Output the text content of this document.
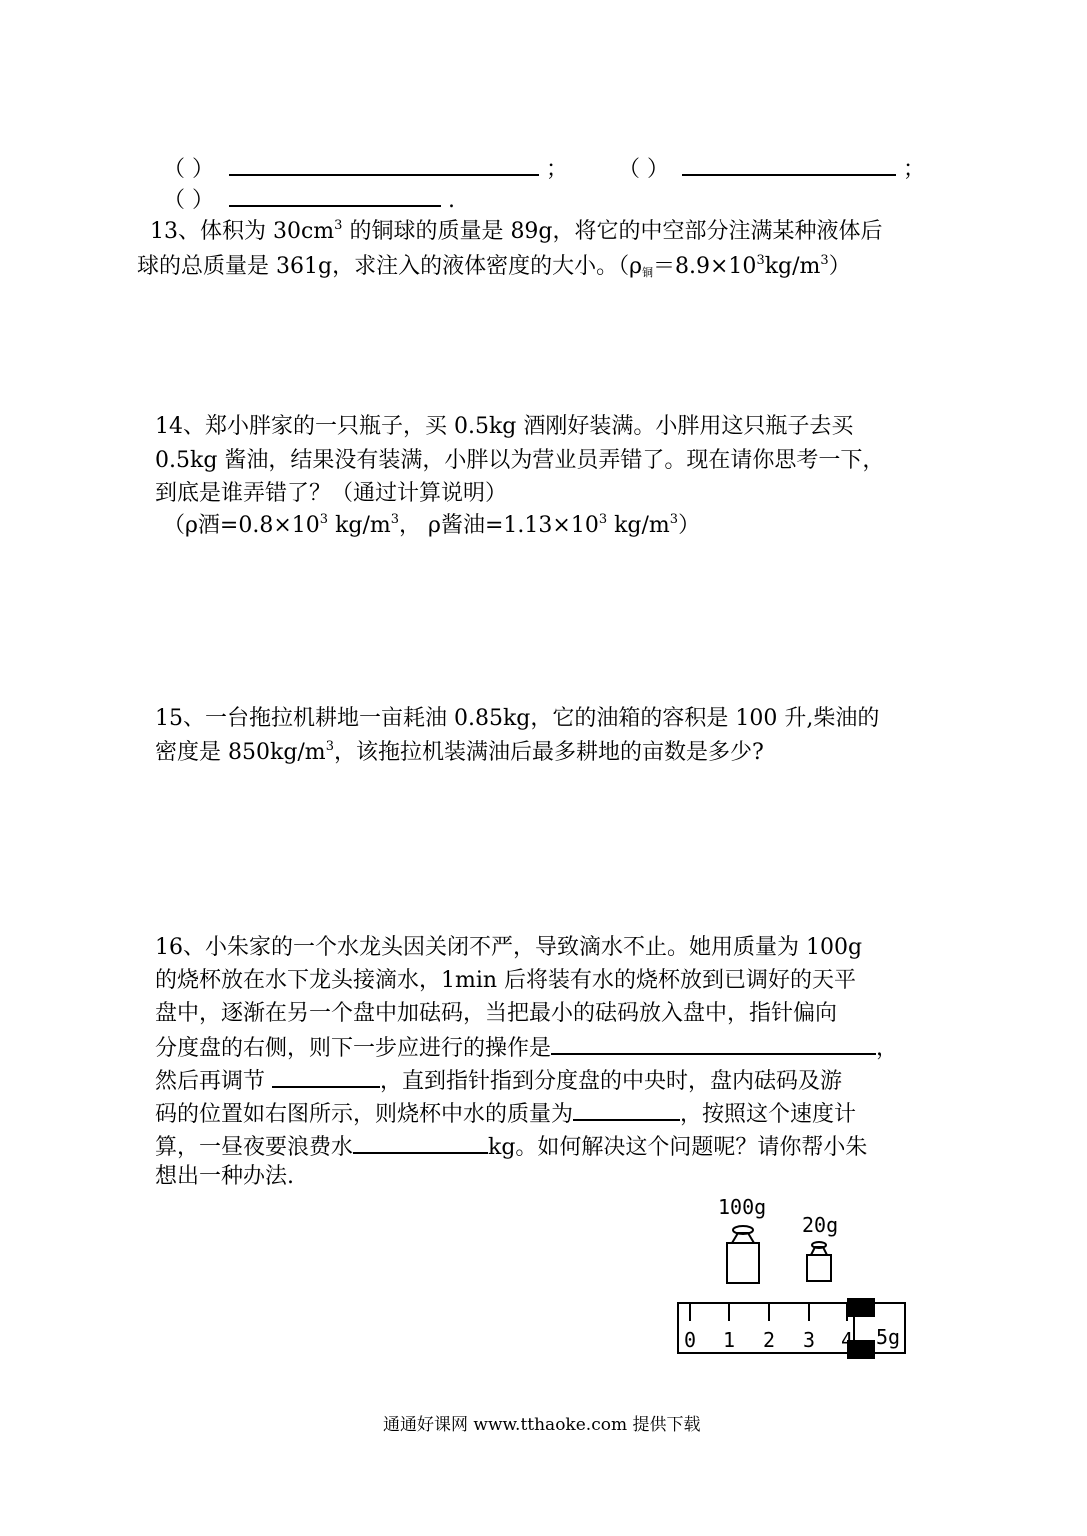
（ ）	； （ ）	；
（ ）	.
13、体积为 $30cm^3$ 的铜球的质量是 89g，将它的中空部分注满某种液体后
球的总质量是 361g，求注入的液体密度的大小。$(\rho_铜=8.9\times 10^3kg/m^3)$
14、郑小胖家的一只瓶子，买 0.5kg 酒刚好装满。小胖用这只瓶子去买
0.5kg 酱油，结果没有装满，小胖以为营业员弄错了。现在请你思考一下，
到底是谁弄错了？（通过计算说明）
（ρ酒$=0.8\times 10^3$ $kg/m^3$， ρ酱油$=1.13\times 10^3$ $kg/m^3$）
15、一台拖拉机耕地一亩耗油 0.85kg，它的油箱的容积是 100 升,柴油的
密度是 $850kg/m^3$，该拖拉机装满油后最多耕地的亩数是多少?
16、小朱家的一个水龙头因关闭不严，导致滴水不止。她用质量为 100g
的烧杯放在水下龙头接滴水，1min 后将装有水的烧杯放到已调好的天平
盘中，逐渐在另一个盘中加砝码，当把最小的砝码放入盘中，指针偏向
分度盘的右侧，则下一步应进行的操作是	，
然后再调节	，直到指针指到分度盘的中央时，盘内砝码及游
码的位置如右图所示，则烧杯中水的质量为	，按照这个速度计
算，一昼夜要浪费水	kg。如何解决这个问题呢？请你帮小朱
想出一种办法.
100g
20g
0 1 2 3 4 5g
通通好课网 www.tthaoke.com 提供下载
